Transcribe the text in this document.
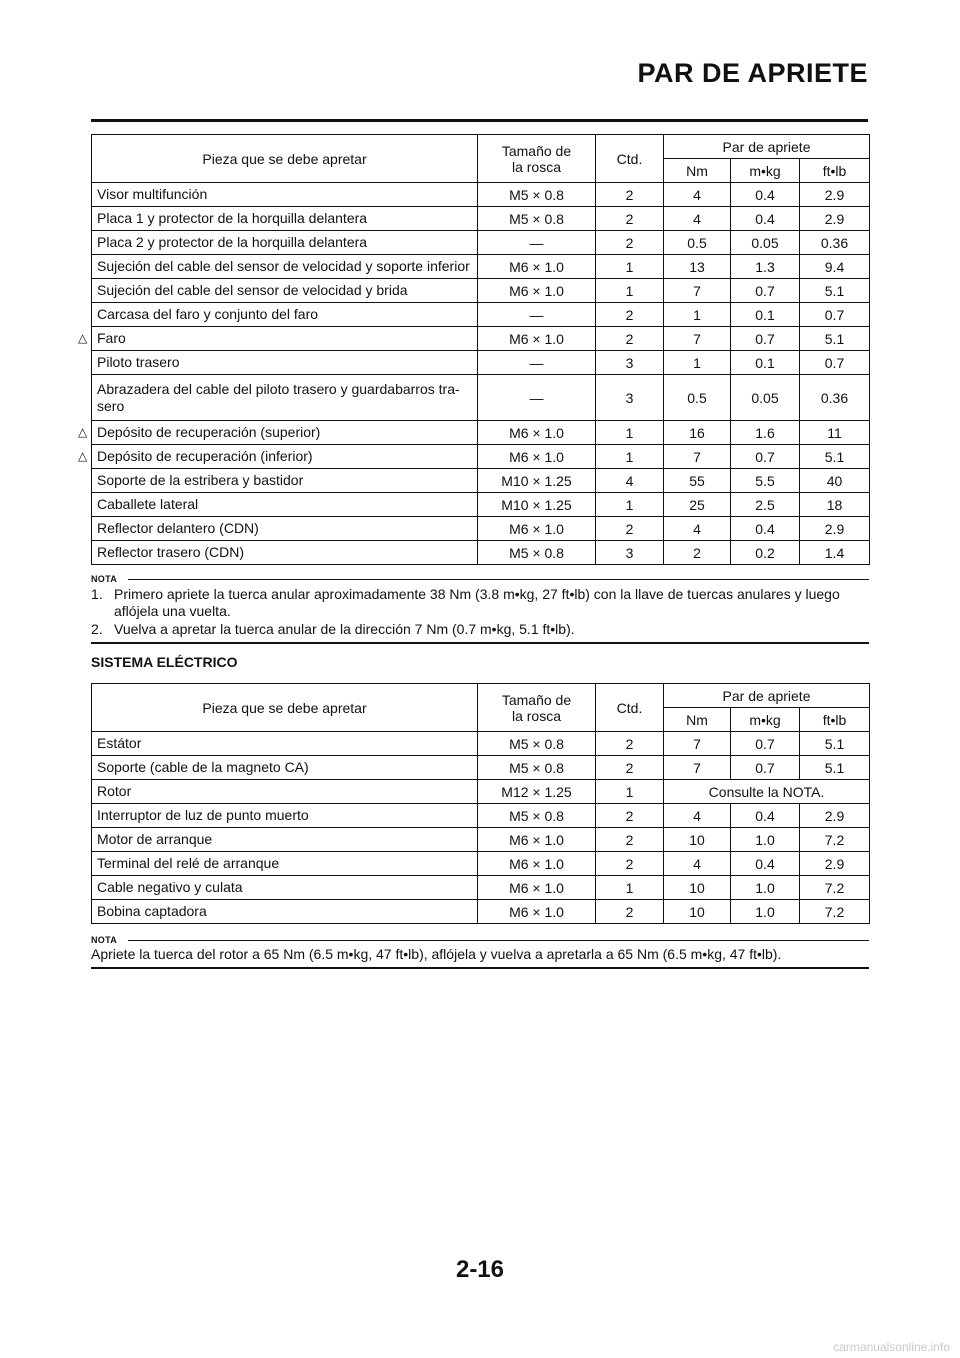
PAR DE APRIETE
Pieza que se debe apretar	Tamaño de la rosca	Ctd.	Par de apriete		
			Nm	m•kg	ft•lb
Visor multifunción	M5 × 0.8	2	4	0.4	2.9
Placa 1 y protector de la horquilla delantera	M5 × 0.8	2	4	0.4	2.9
Placa 2 y protector de la horquilla delantera	—	2	0.5	0.05	0.36
Sujeción del cable del sensor de velocidad y soporte inferior	M6 × 1.0	1	13	1.3	9.4
Sujeción del cable del sensor de velocidad y brida	M6 × 1.0	1	7	0.7	5.1
Carcasa del faro y conjunto del faro	—	2	1	0.1	0.7
Faro	M6 × 1.0	2	7	0.7	5.1
Piloto trasero	—	3	1	0.1	0.7
Abrazadera del cable del piloto trasero y guardabarros tra- sero	—	3	0.5	0.05	0.36
Depósito de recuperación (superior)	M6 × 1.0	1	16	1.6	11
Depósito de recuperación (inferior)	M6 × 1.0	1	7	0.7	5.1
Soporte de la estribera y bastidor	M10 × 1.25	4	55	5.5	40
Caballete lateral	M10 × 1.25	1	25	2.5	18
Reflector delantero (CDN)	M6 × 1.0	2	4	0.4	2.9
Reflector trasero (CDN)	M5 × 0.8	3	2	0.2	1.4
△
△
△
NOTA
1. Primero apriete la tuerca anular aproximadamente 38 Nm (3.8 m•kg, 27 ft•lb) con la llave de tuercas anulares y luego aflójela una vuelta.
2. Vuelva a apretar la tuerca anular de la dirección 7 Nm (0.7 m•kg, 5.1 ft•lb).
SISTEMA ELÉCTRICO
Pieza que se debe apretar	Tamaño de la rosca	Ctd.	Par de apriete		
			Nm	m•kg	ft•lb
Estátor	M5 × 0.8	2	7	0.7	5.1
Soporte (cable de la magneto CA)	M5 × 0.8	2	7	0.7	5.1
Rotor	M12 × 1.25	1	Consulte la NOTA.		
Interruptor de luz de punto muerto	M5 × 0.8	2	4	0.4	2.9
Motor de arranque	M6 × 1.0	2	10	1.0	7.2
Terminal del relé de arranque	M6 × 1.0	2	4	0.4	2.9
Cable negativo y culata	M6 × 1.0	1	10	1.0	7.2
Bobina captadora	M6 × 1.0	2	10	1.0	7.2
NOTA

Apriete la tuerca del rotor a 65 Nm (6.5 m•kg, 47 ft•lb), aflójela y vuelva a apretarla a 65 Nm (6.5 m•kg, 47 ft•lb).

2-16

carmanualsonline.info
